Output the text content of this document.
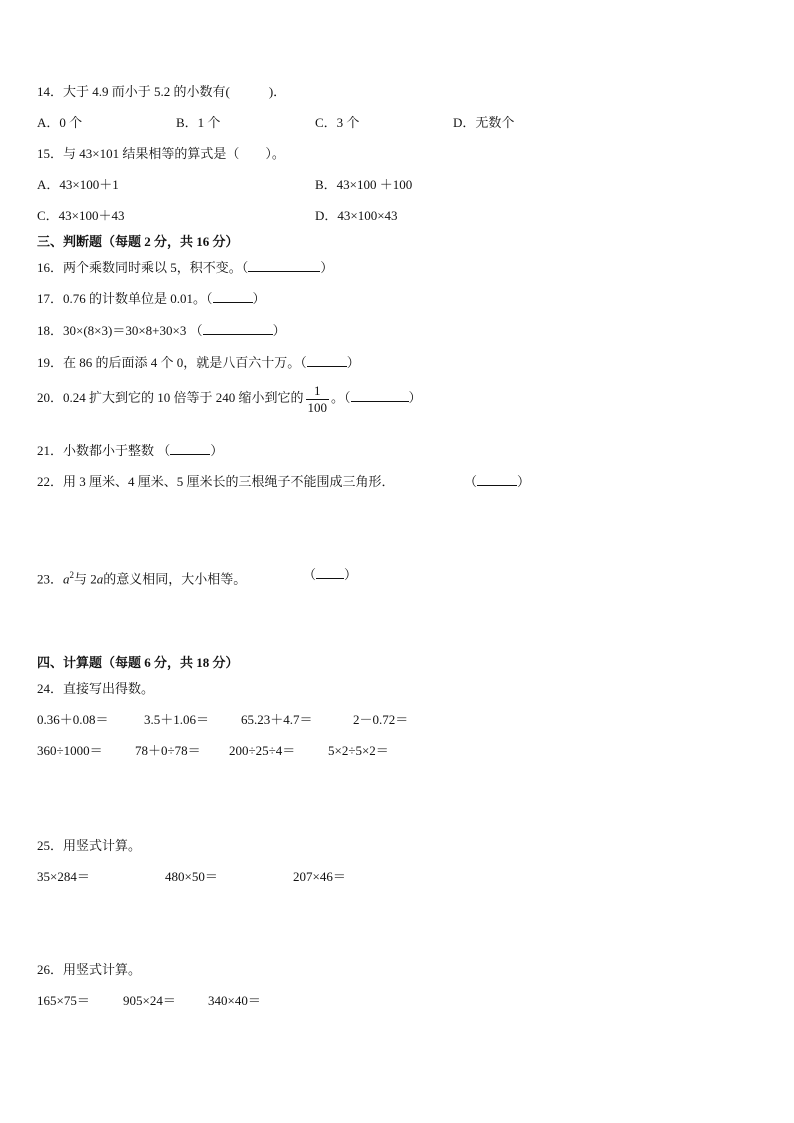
14．大于 4.9 而小于 5.2 的小数有(　　　)．
A．0 个	B．1 个	C．3 个	D．无数个
15．与 43×101 结果相等的算式是（　　）。
A．43×100＋1	B．43×100 ＋100
C．43×100＋43	D．43×100×43
三、判断题（每题 2 分，共 16 分）
16．两个乘数同时乘以 5，积不变。（	）
17．0.76 的计数单位是 0.01。（	）
18．30×(8×3)＝30×8+30×3 （	）
19．在 86 的后面添 4 个 0，就是八百六十万。（	）
20．0.24 扩大到它的 10 倍等于 240 缩小到它的 $\frac{1}{100}$ 。（	）
21．小数都小于整数 （	）
22．用 3 厘米、4 厘米、5 厘米长的三根绳子不能围成三角形．	（	）
23．$a^2$与 2a的意义相同，大小相等。	（ ）
四、计算题（每题 6 分，共 18 分）
24．直接写出得数。
0.36＋0.08＝	3.5＋1.06＝ 65.23＋4.7＝	2－0.72＝
360÷1000＝ 78＋0÷78＝ 200÷25÷4＝	5×2÷5×2＝
25．用竖式计算。
35×284＝	480×50＝	207×46＝
26．用竖式计算。
165×75＝	905×24＝ 340×40＝
